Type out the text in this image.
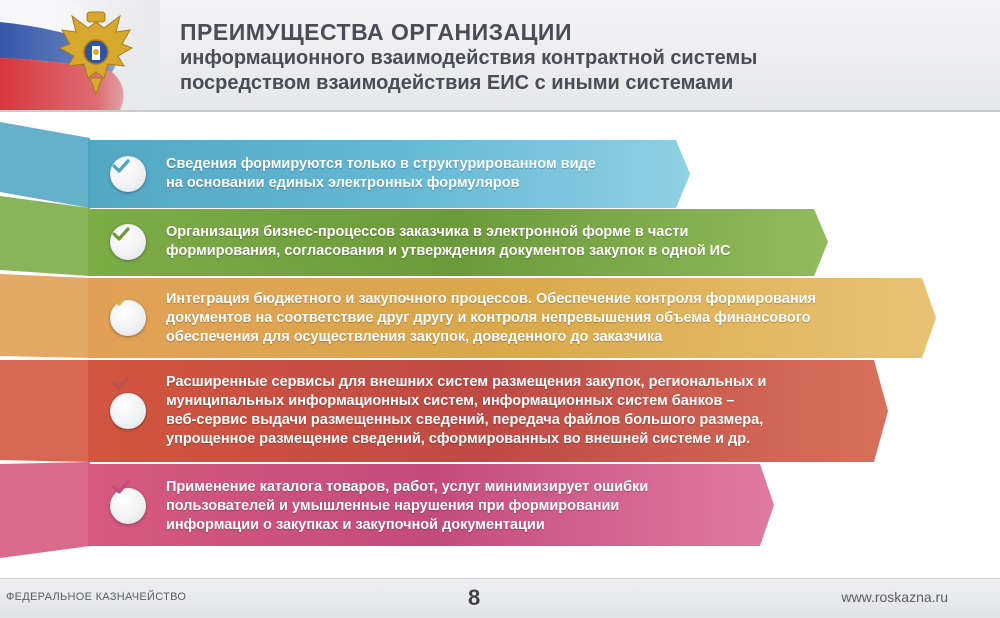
ПРЕИМУЩЕСТВА ОРГАНИЗАЦИИ

информационного взаимодействия контрактной системы

посредством взаимодействия ЕИС с иными системами

Сведения формируются только в структурированном виде
на основании единых электронных формуляров
Организация бизнес-процессов заказчика в электронной форме в части
формирования, согласования и утверждения документов закупок в одной ИС
Интеграция бюджетного и закупочного процессов. Обеспечение контроля формирования
документов на соответствие друг другу и контроля непревышения объема финансового
обеспечения для осуществления закупок, доведенного до заказчика
Расширенные сервисы для внешних систем размещения закупок, региональных и
муниципальных информационных систем, информационных систем банков –
веб-сервис выдачи размещенных сведений, передача файлов большого размера,
упрощенное размещение сведений, сформированных во внешней системе и др.
Применение каталога товаров, работ, услуг минимизирует ошибки
пользователей и умышленные нарушения при формировании
информации о закупках и закупочной документации
ФЕДЕРАЛЬНОЕ КАЗНАЧЕЙСТВО	8	www.roskazna.ru
